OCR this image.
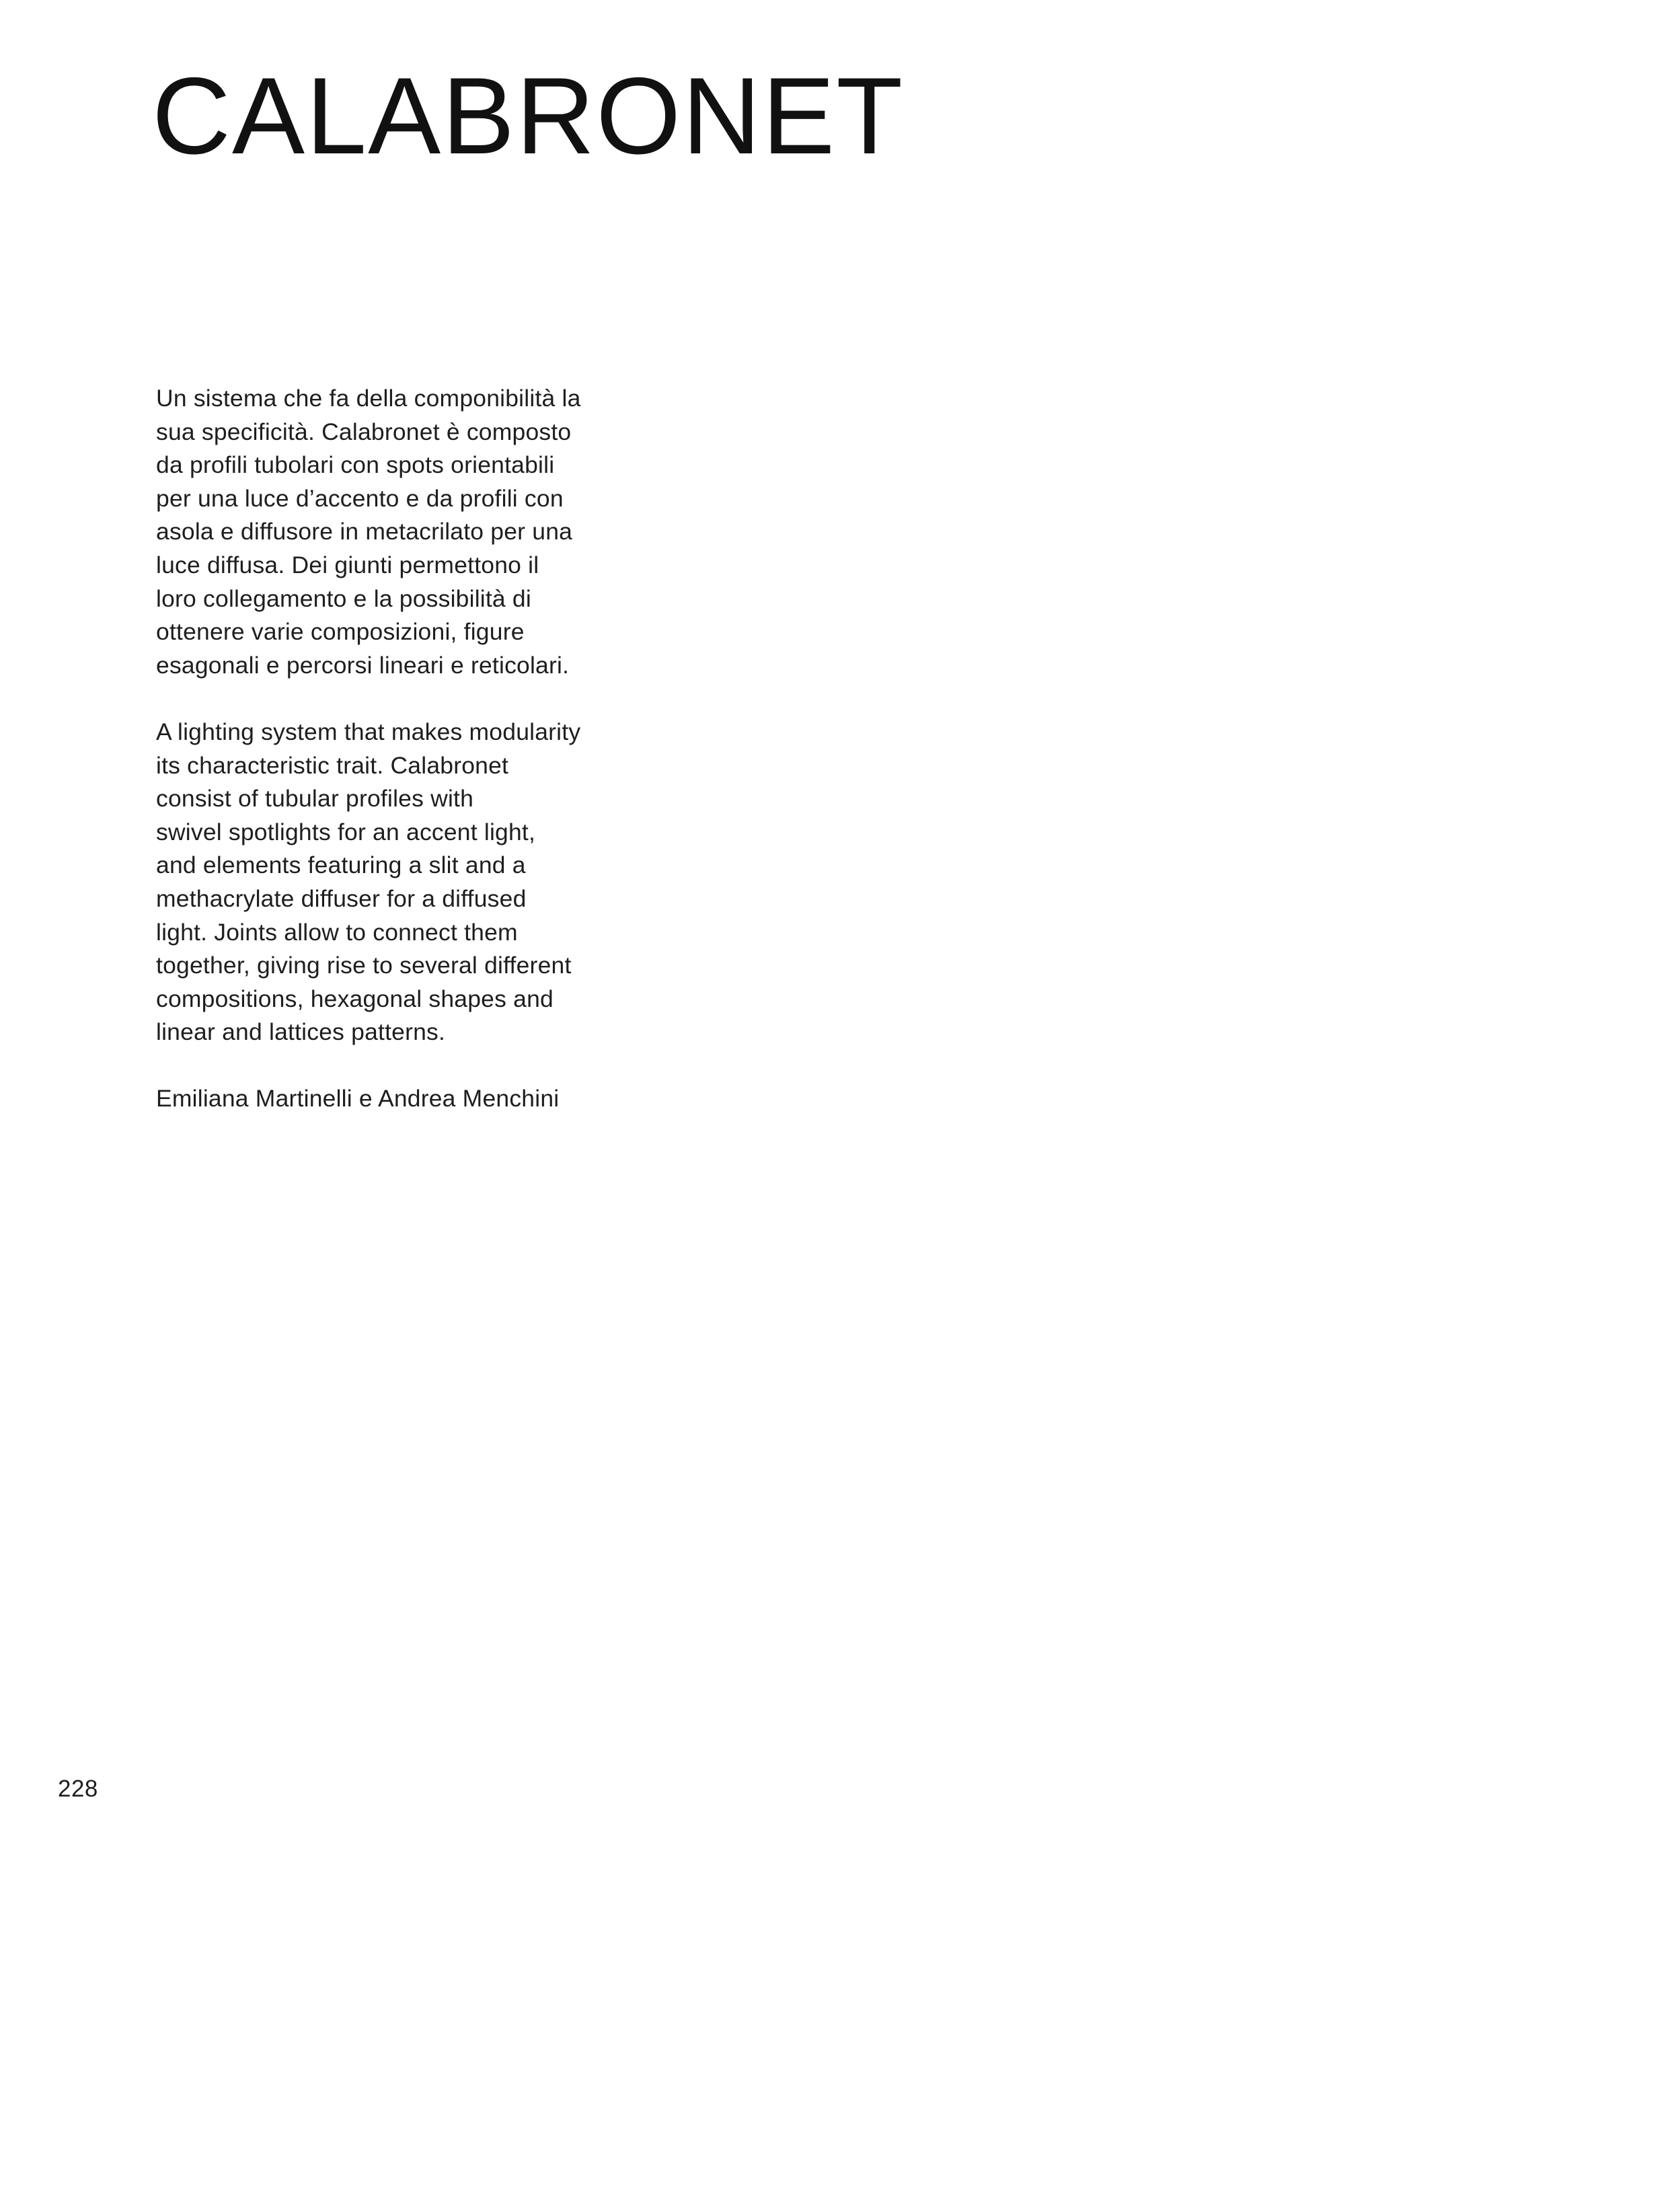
CALABRONET

Un sistema che fa della componibilità la
sua specificità. Calabronet è composto
da profili tubolari con spots orientabili
per una luce d’accento e da profili con
asola e diffusore in metacrilato per una
luce diffusa. Dei giunti permettono il
loro collegamento e la possibilità di
ottenere varie composizioni, figure
esagonali e percorsi lineari e reticolari.

A lighting system that makes modularity
its characteristic trait. Calabronet
consist of tubular profiles with
swivel spotlights for an accent light,
and elements featuring a slit and a
methacrylate diffuser for a diffused
light. Joints allow to connect them
together, giving rise to several different
compositions, hexagonal shapes and
linear and lattices patterns.

Emiliana Martinelli e Andrea Menchini

228
